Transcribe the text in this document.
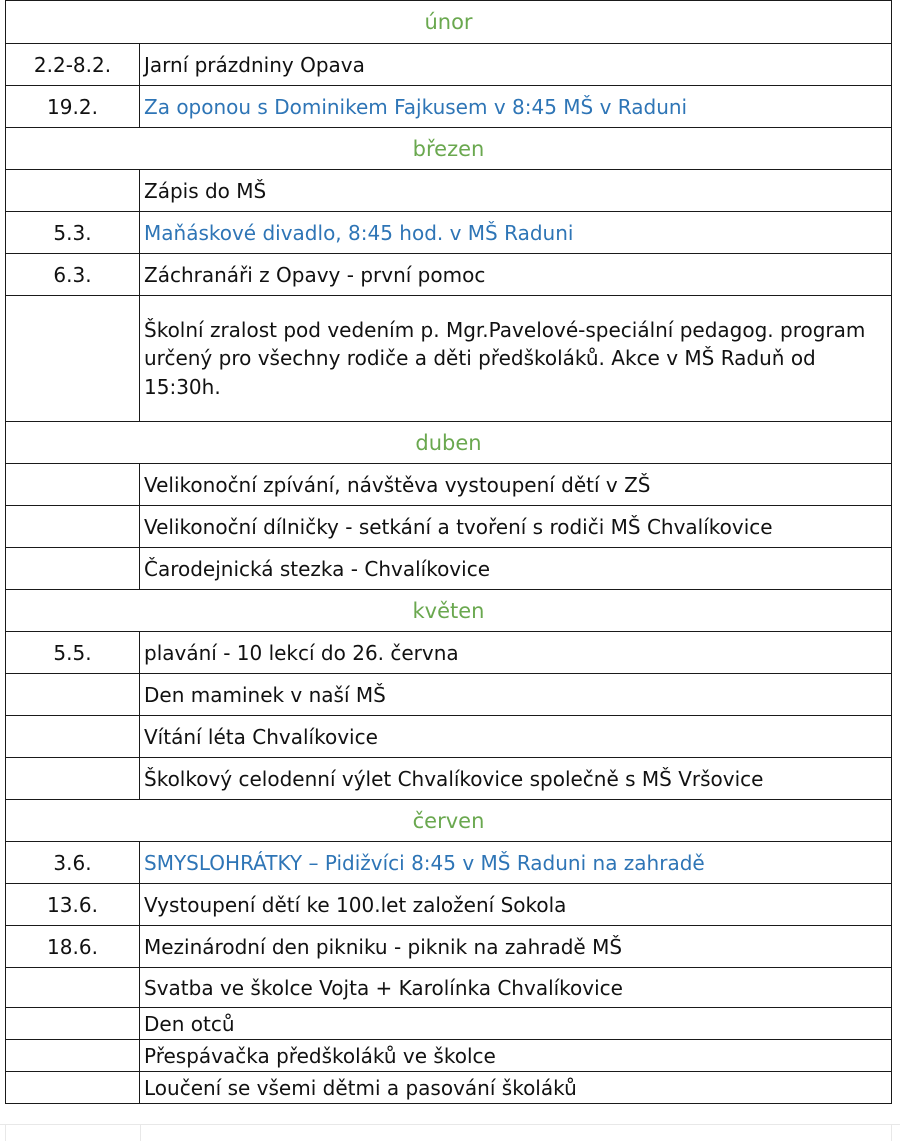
únor	
2.2-8.2.	Jarní prázdniny Opava
19.2.	Za oponou s Dominikem Fajkusem v 8:45 MŠ v Raduni
březen	
	Zápis do MŠ
5.3.	Maňáskové divadlo, 8:45 hod. v MŠ Raduni
6.3.	Záchranáři z Opavy - první pomoc
	Školní zralost pod vedením p. Mgr.Pavelové-speciální pedagog. program určený pro všechny rodiče a děti předškoláků. Akce v MŠ Raduň od 15:30h.
duben	
	Velikonoční zpívání, návštěva vystoupení dětí v ZŠ
	Velikonoční dílničky - setkání a tvoření s rodiči MŠ Chvalíkovice
	Čarodejnická stezka - Chvalíkovice
květen	
5.5.	plavání - 10 lekcí do 26. června
	Den maminek v naší MŠ
	Vítání léta Chvalíkovice
	Školkový celodenní výlet Chvalíkovice společně s MŠ Vršovice
červen	
3.6.	SMYSLOHRÁTKY – Pidižvíci 8:45 v MŠ Raduni na zahradě
13.6.	Vystoupení dětí ke 100.let založení Sokola
18.6.	Mezinárodní den pikniku - piknik na zahradě MŠ
	Svatba ve školce Vojta + Karolínka Chvalíkovice
	Den otců
	Přespávačka předškoláků ve školce
	Loučení se všemi dětmi a pasování školáků
